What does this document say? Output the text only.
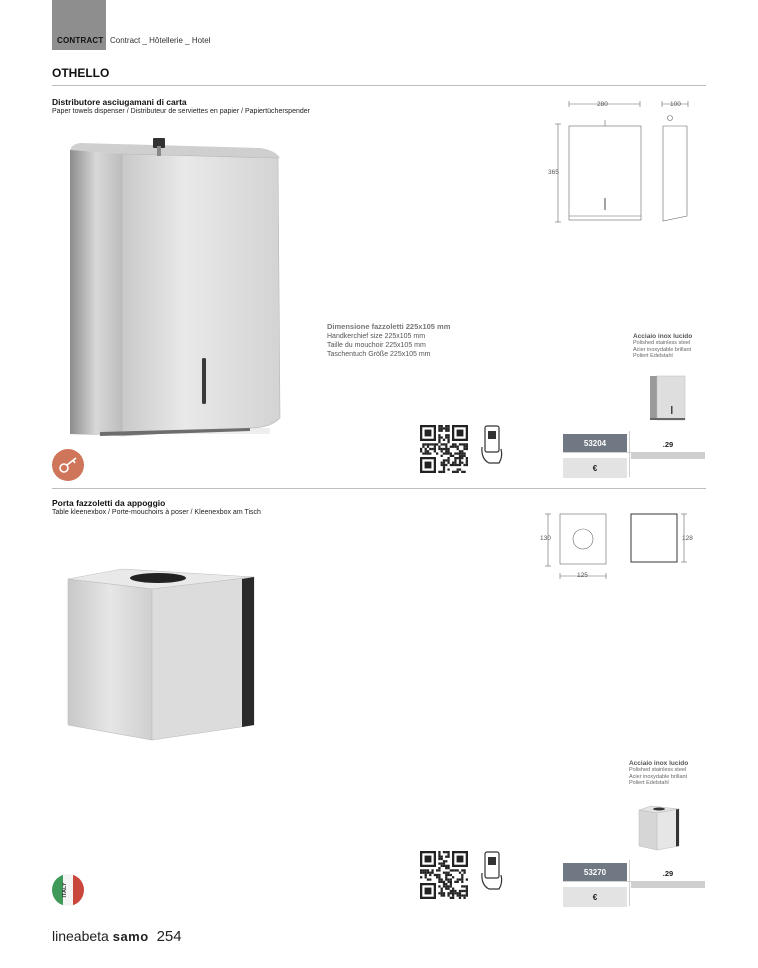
CONTRACT Contract _ Hôtellerie _ Hotel
OTHELLO
Distributore asciugamani di carta
Paper towels dispenser / Distributeur de serviettes en papier / Papiertücherspender
280	100
365
Dimensione fazzoletti 225x105 mm
Handkerchief size 225x105 mm
Taille du mouchoir 225x105 mm
Taschentuch Größe 225x105 mm
Acciaio inox lucido
Polished stainless steel
Acier inoxydable brillant
Poliert Edelstahl
53204	.29
€
Porta fazzoletti da appoggio
Table kleenexbox / Porte-mouchoirs à poser / Kleenexbox am Tisch
130
125
128
Acciaio inox lucido
Polished stainless steel
Acier inoxydable brillant
Poliert Edelstahl
53270	.29
€
ITALY
lineabeta samo 254
